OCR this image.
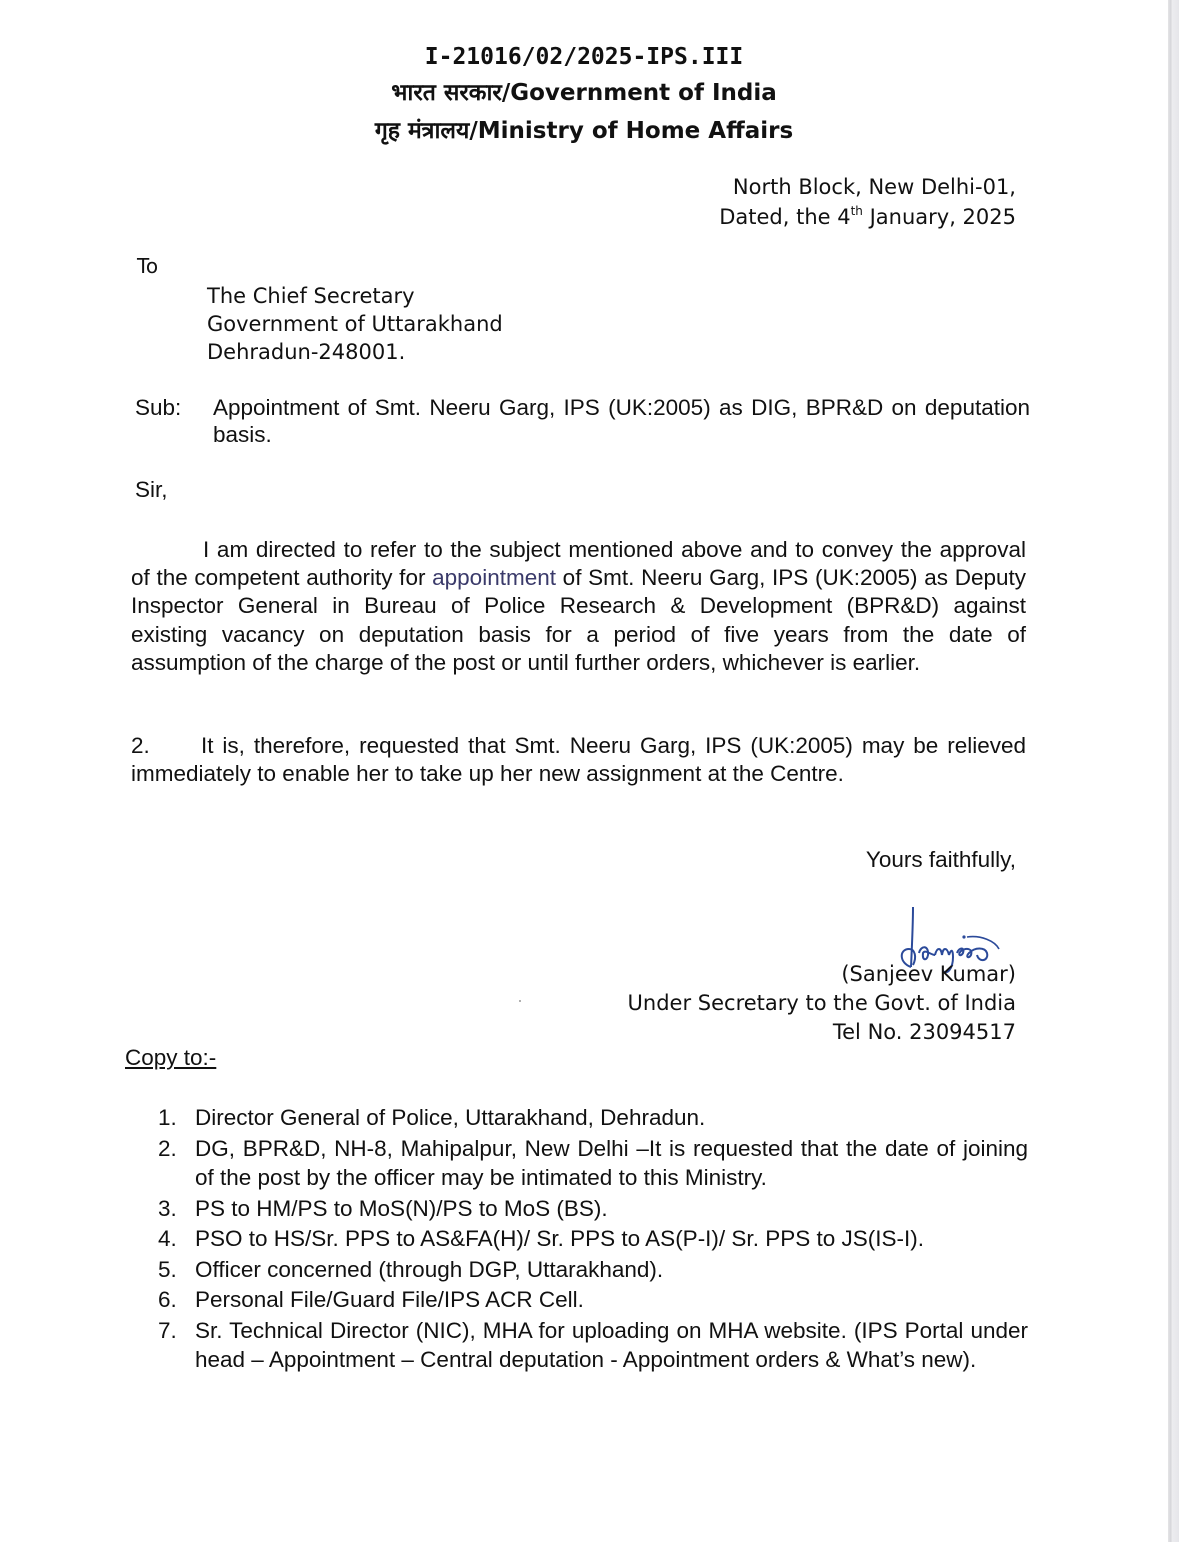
I-21016/02/2025-IPS.III
भारत सरकार/Government of India
गृह मंत्रालय/Ministry of Home Affairs
North Block, New Delhi-01,
Dated, the 4th January, 2025
To
The Chief Secretary
Government of Uttarakhand
Dehradun-248001.
Sub:	Appointment of Smt. Neeru Garg, IPS (UK:2005) as DIG, BPR&D on deputation basis.
Sir,
I am directed to refer to the subject mentioned above and to convey the approval of the competent authority for appointment of Smt. Neeru Garg, IPS (UK:2005) as Deputy Inspector General in Bureau of Police Research & Development (BPR&D) against existing vacancy on deputation basis for a period of five years from the date of assumption of the charge of the post or until further orders, whichever is earlier.
2. It is, therefore, requested that Smt. Neeru Garg, IPS (UK:2005) may be relieved immediately to enable her to take up her new assignment at the Centre.
Yours faithfully,
(Sanjeev Kumar)
Under Secretary to the Govt. of India
Tel No. 23094517
Copy to:-
1. Director General of Police, Uttarakhand, Dehradun.
2. DG, BPR&D, NH-8, Mahipalpur, New Delhi –It is requested that the date of joining of the post by the officer may be intimated to this Ministry.
3. PS to HM/PS to MoS(N)/PS to MoS (BS).
4. PSO to HS/Sr. PPS to AS&FA(H)/ Sr. PPS to AS(P-I)/ Sr. PPS to JS(IS-I).
5. Officer concerned (through DGP, Uttarakhand).
6. Personal File/Guard File/IPS ACR Cell.
7. Sr. Technical Director (NIC), MHA for uploading on MHA website. (IPS Portal under head – Appointment – Central deputation - Appointment orders & What’s new).
